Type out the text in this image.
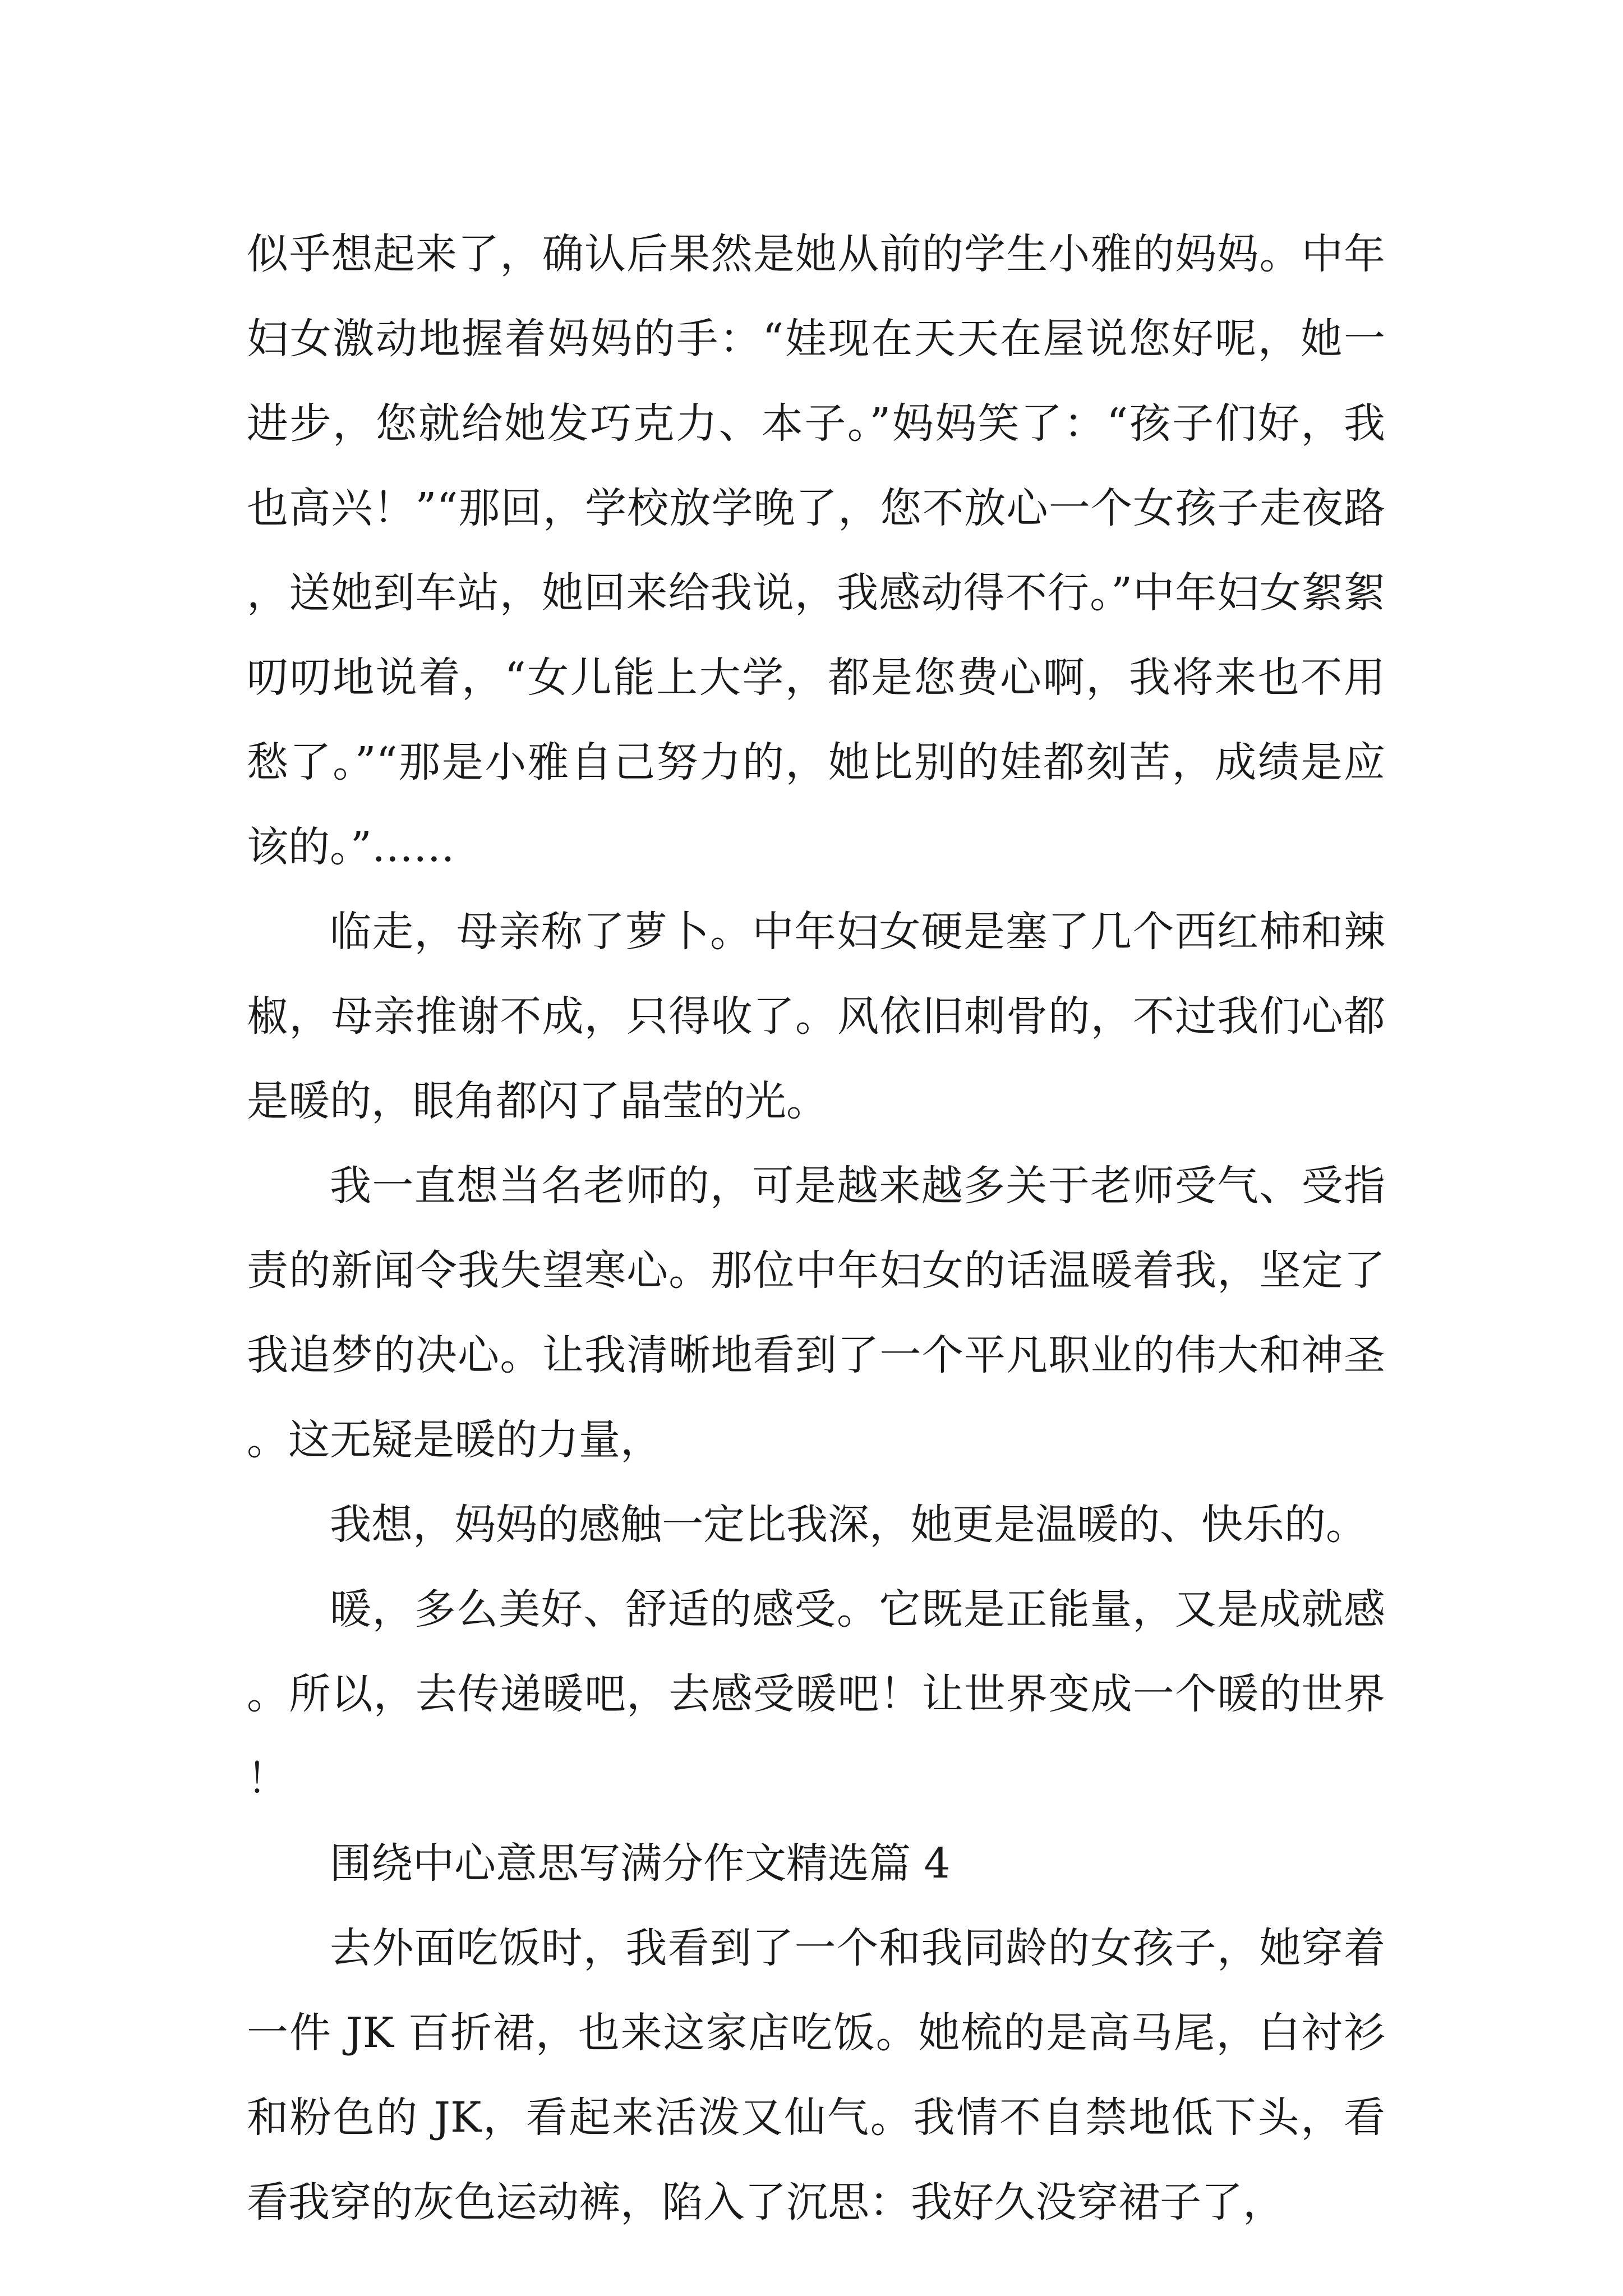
似乎想起来了，确认后果然是她从前的学生小雅的妈妈。中年妇女激动地握着妈妈的手：“娃现在天天在屋说您好呢，她一进步，您就给她发巧克力、本子。”妈妈笑了：“孩子们好，我也高兴！”“那回，学校放学晚了，您不放心一个女孩子走夜路，送她到车站，她回来给我说，我感动得不行。”中年妇女絮絮叨叨地说着，“女儿能上大学，都是您费心啊，我将来也不用愁了。”“那是小雅自己努力的，她比别的娃都刻苦，成绩是应该的。”……

临走，母亲称了萝卜。中年妇女硬是塞了几个西红柿和辣椒，母亲推谢不成，只得收了。风依旧刺骨的，不过我们心都是暖的，眼角都闪了晶莹的光。

我一直想当名老师的，可是越来越多关于老师受气、受指责的新闻令我失望寒心。那位中年妇女的话温暖着我，坚定了我追梦的决心。让我清晰地看到了一个平凡职业的伟大和神圣。这无疑是暖的力量，

我想，妈妈的感触一定比我深，她更是温暖的、快乐的。

暖，多么美好、舒适的感受。它既是正能量，又是成就感。所以，去传递暖吧，去感受暖吧！让世界变成一个暖的世界！

围绕中心意思写满分作文精选篇 4

去外面吃饭时，我看到了一个和我同龄的女孩子，她穿着一件 JK 百折裙，也来这家店吃饭。她梳的是高马尾，白衬衫和粉色的 JK，看起来活泼又仙气。我情不自禁地低下头，看看我穿的灰色运动裤，陷入了沉思：我好久没穿裙子了，
